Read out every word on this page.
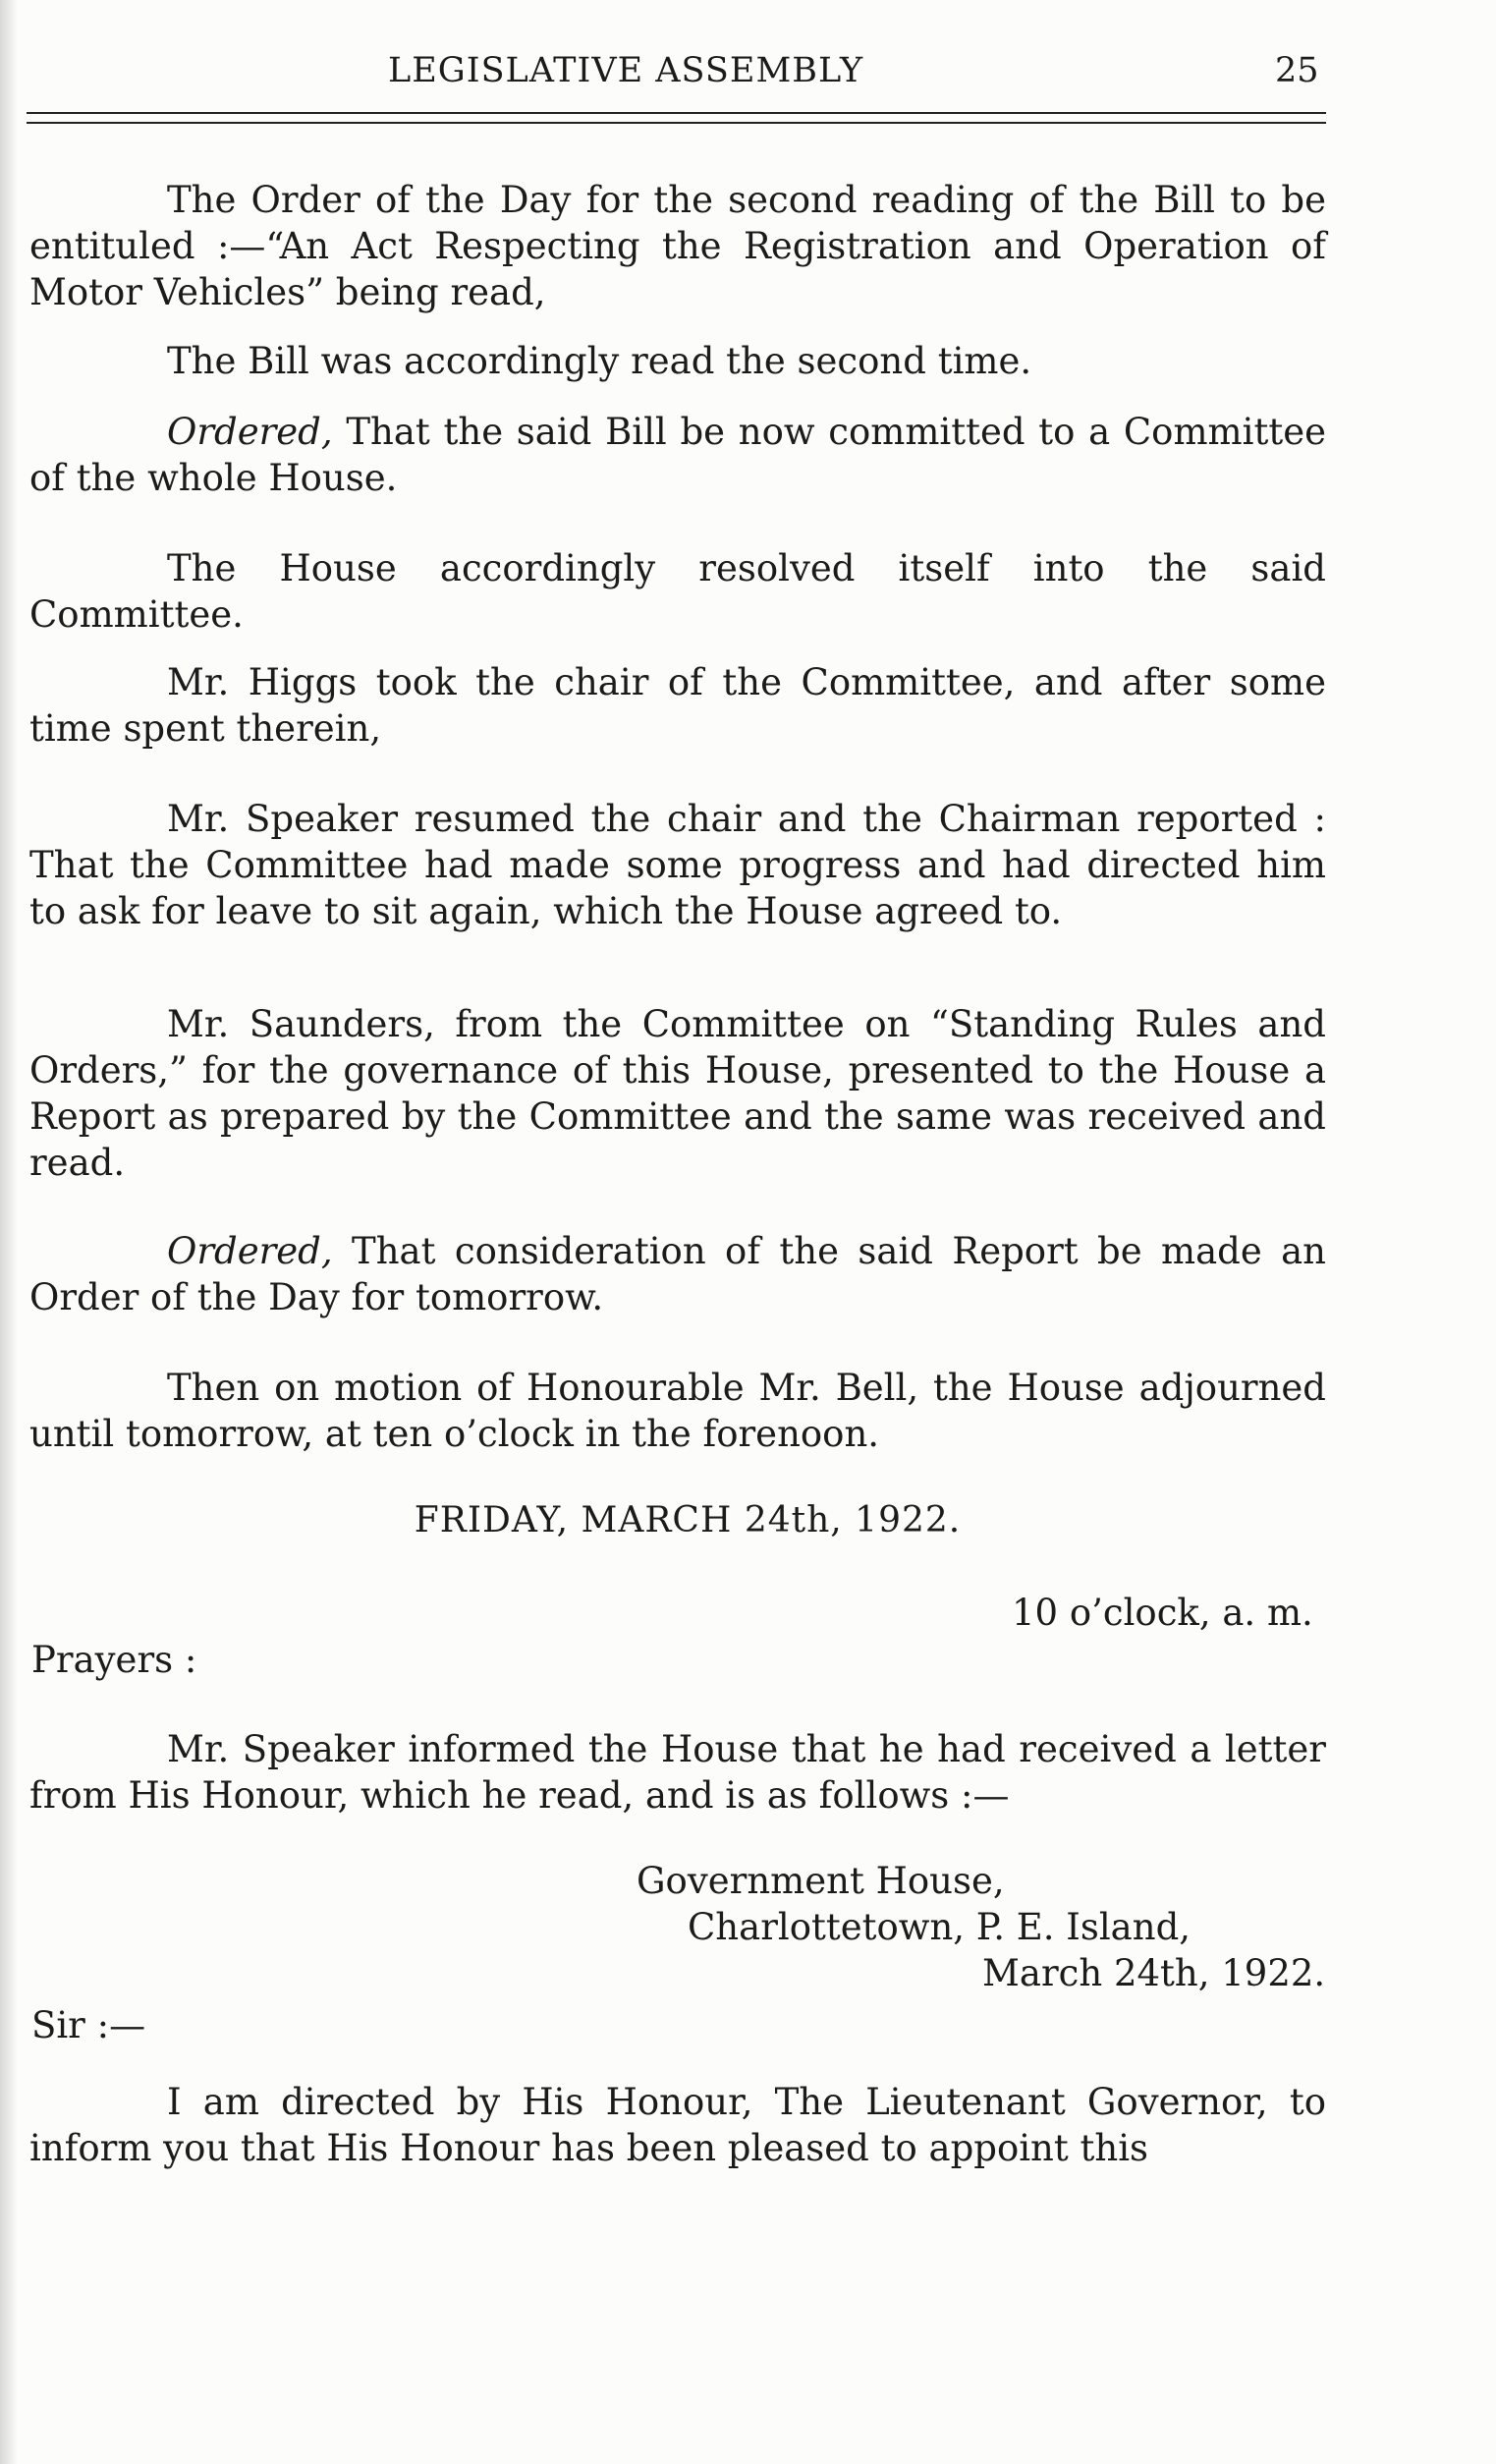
LEGISLATIVE ASSEMBLY	25

The Order of the Day for the second reading of the Bill to be entituled :—“An Act Respecting the Registration and Operation of Motor Vehicles” being read,

The Bill was accordingly read the second time.

Ordered, That the said Bill be now committed to a Committee of the whole House.

The House accordingly resolved itself into the said Committee.

Mr. Higgs took the chair of the Committee, and after some time spent therein,

Mr. Speaker resumed the chair and the Chairman reported : That the Committee had made some progress and had directed him to ask for leave to sit again, which the House agreed to.

Mr. Saunders, from the Committee on “Standing Rules and Orders,” for the governance of this House, presented to the House a Report as prepared by the Committee and the same was received and read.

Ordered, That consideration of the said Report be made an Order of the Day for tomorrow.

Then on motion of Honourable Mr. Bell, the House adjourned until tomorrow, at ten o’clock in the forenoon.

FRIDAY, MARCH 24th, 1922.
10 o’clock, a. m.
Prayers :

Mr. Speaker informed the House that he had received a letter from His Honour, which he read, and is as follows :—

Government House,
Charlottetown, P. E. Island,
March 24th, 1922.
Sir :—

I am directed by His Honour, The Lieutenant Governor, to inform you that His Honour has been pleased to appoint this
